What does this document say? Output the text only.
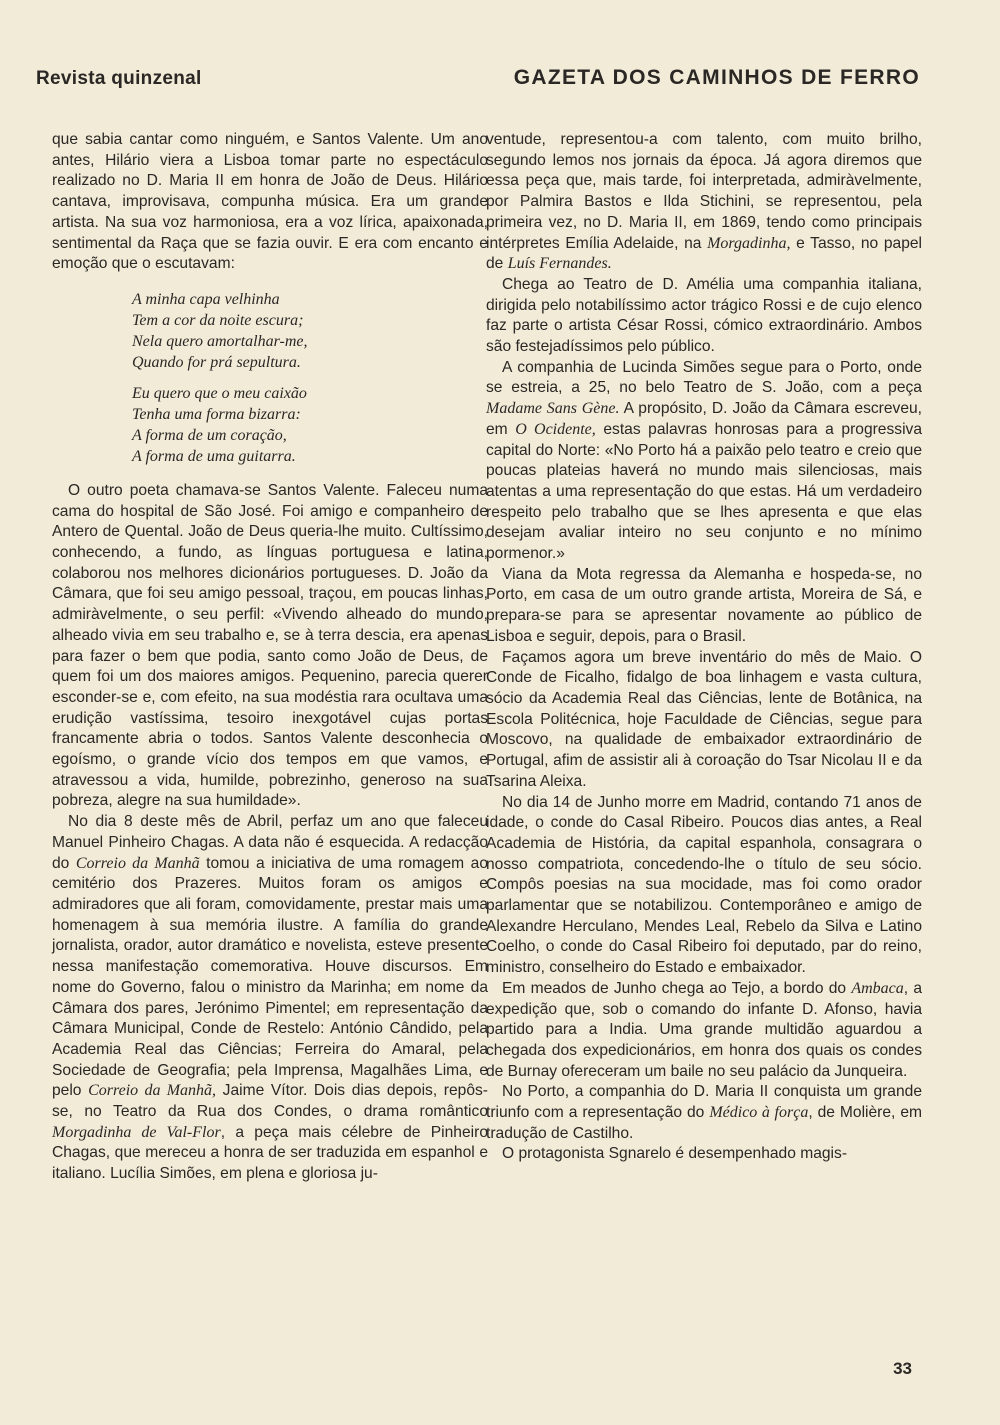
Revista quinzenal	GAZETA DOS CAMINHOS DE FERRO

que sabia cantar como ninguém, e Santos Valente. Um ano antes, Hilário viera a Lisboa tomar parte no espectáculo realizado no D. Maria II em honra de João de Deus. Hilário cantava, improvisava, compunha música. Era um grande artista. Na sua voz harmoniosa, era a voz lírica, apaixonada, sentimental da Raça que se fazia ouvir. E era com encanto e emoção que o escutavam:

A minha capa velhinha
Tem a cor da noite escura;
Nela quero amortalhar-me,
Quando for prá sepultura.
Eu quero que o meu caixão
Tenha uma forma bizarra:
A forma de um coração,
A forma de uma guitarra.

O outro poeta chamava-se Santos Valente. Faleceu numa cama do hospital de São José. Foi amigo e companheiro de Antero de Quental. João de Deus queria-lhe muito. Cultíssimo, conhecendo, a fundo, as línguas portuguesa e latina, colaborou nos melhores dicionários portugueses. D. João da Câmara, que foi seu amigo pessoal, traçou, em poucas linhas, admiràvelmente, o seu perfil: «Vivendo alheado do mundo, alheado vivia em seu trabalho e, se à terra descia, era apenas para fazer o bem que podia, santo como João de Deus, de quem foi um dos maiores amigos. Pequenino, parecia querer esconder-se e, com efeito, na sua modéstia rara ocultava uma erudição vastíssima, tesoiro inexgotável cujas portas francamente abria o todos. Santos Valente desconhecia o egoísmo, o grande vício dos tempos em que vamos, e atravessou a vida, humilde, pobrezinho, generoso na sua pobreza, alegre na sua humildade».

No dia 8 deste mês de Abril, perfaz um ano que faleceu Manuel Pinheiro Chagas. A data não é esquecida. A redacção do Correio da Manhã tomou a iniciativa de uma romagem ao cemitério dos Prazeres. Muitos foram os amigos e admiradores que ali foram, comovidamente, prestar mais uma homenagem à sua memória ilustre. A família do grande jornalista, orador, autor dramático e novelista, esteve presente nessa manifestação comemorativa. Houve discursos. Em nome do Governo, falou o ministro da Marinha; em nome da Câmara dos pares, Jerónimo Pimentel; em representação da Câmara Municipal, Conde de Restelo: António Cândido, pela Academia Real das Ciências; Ferreira do Amaral, pela Sociedade de Geografia; pela Imprensa, Magalhães Lima, e pelo Correio da Manhã, Jaime Vítor. Dois dias depois, repôs-se, no Teatro da Rua dos Condes, o drama romântico Morgadinha de Val-Flor, a peça mais célebre de Pinheiro Chagas, que mereceu a honra de ser traduzida em espanhol e italiano. Lucília Simões, em plena e gloriosa ju-

ventude, representou-a com talento, com muito brilho, segundo lemos nos jornais da época. Já agora diremos que essa peça que, mais tarde, foi interpretada, admiràvelmente, por Palmira Bastos e Ilda Stichini, se representou, pela primeira vez, no D. Maria II, em 1869, tendo como principais intérpretes Emília Adelaide, na Morgadinha, e Tasso, no papel de Luís Fernandes.

Chega ao Teatro de D. Amélia uma companhia italiana, dirigida pelo notabilíssimo actor trágico Rossi e de cujo elenco faz parte o artista César Rossi, cómico extraordinário. Ambos são festejadíssimos pelo público.

A companhia de Lucinda Simões segue para o Porto, onde se estreia, a 25, no belo Teatro de S. João, com a peça Madame Sans Gène. A propósito, D. João da Câmara escreveu, em O Ocidente, estas palavras honrosas para a progressiva capital do Norte: «No Porto há a paixão pelo teatro e creio que poucas plateias haverá no mundo mais silenciosas, mais atentas a uma representação do que estas. Há um verdadeiro respeito pelo trabalho que se lhes apresenta e que elas desejam avaliar inteiro no seu conjunto e no mínimo pormenor.»

Viana da Mota regressa da Alemanha e hospeda-se, no Porto, em casa de um outro grande artista, Moreira de Sá, e prepara-se para se apresentar novamente ao público de Lisboa e seguir, depois, para o Brasil.

Façamos agora um breve inventário do mês de Maio. O Conde de Ficalho, fidalgo de boa linhagem e vasta cultura, sócio da Academia Real das Ciências, lente de Botânica, na Escola Politécnica, hoje Faculdade de Ciências, segue para Moscovo, na qualidade de embaixador extraordinário de Portugal, afim de assistir ali à coroação do Tsar Nicolau II e da Tsarina Aleixa.

No dia 14 de Junho morre em Madrid, contando 71 anos de idade, o conde do Casal Ribeiro. Poucos dias antes, a Real Academia de História, da capital espanhola, consagrara o nosso compatriota, concedendo-lhe o título de seu sócio. Compôs poesias na sua mocidade, mas foi como orador parlamentar que se notabilizou. Contemporâneo e amigo de Alexandre Herculano, Mendes Leal, Rebelo da Silva e Latino Coelho, o conde do Casal Ribeiro foi deputado, par do reino, ministro, conselheiro do Estado e embaixador.

Em meados de Junho chega ao Tejo, a bordo do Ambaca, a expedição que, sob o comando do infante D. Afonso, havia partido para a India. Uma grande multidão aguardou a chegada dos expedicionários, em honra dos quais os condes de Burnay ofereceram um baile no seu palácio da Junqueira.

No Porto, a companhia do D. Maria II conquista um grande triunfo com a representação do Médico à força, de Molière, em tradução de Castilho.

O protagonista Sgnarelo é desempenhado magis-

33
